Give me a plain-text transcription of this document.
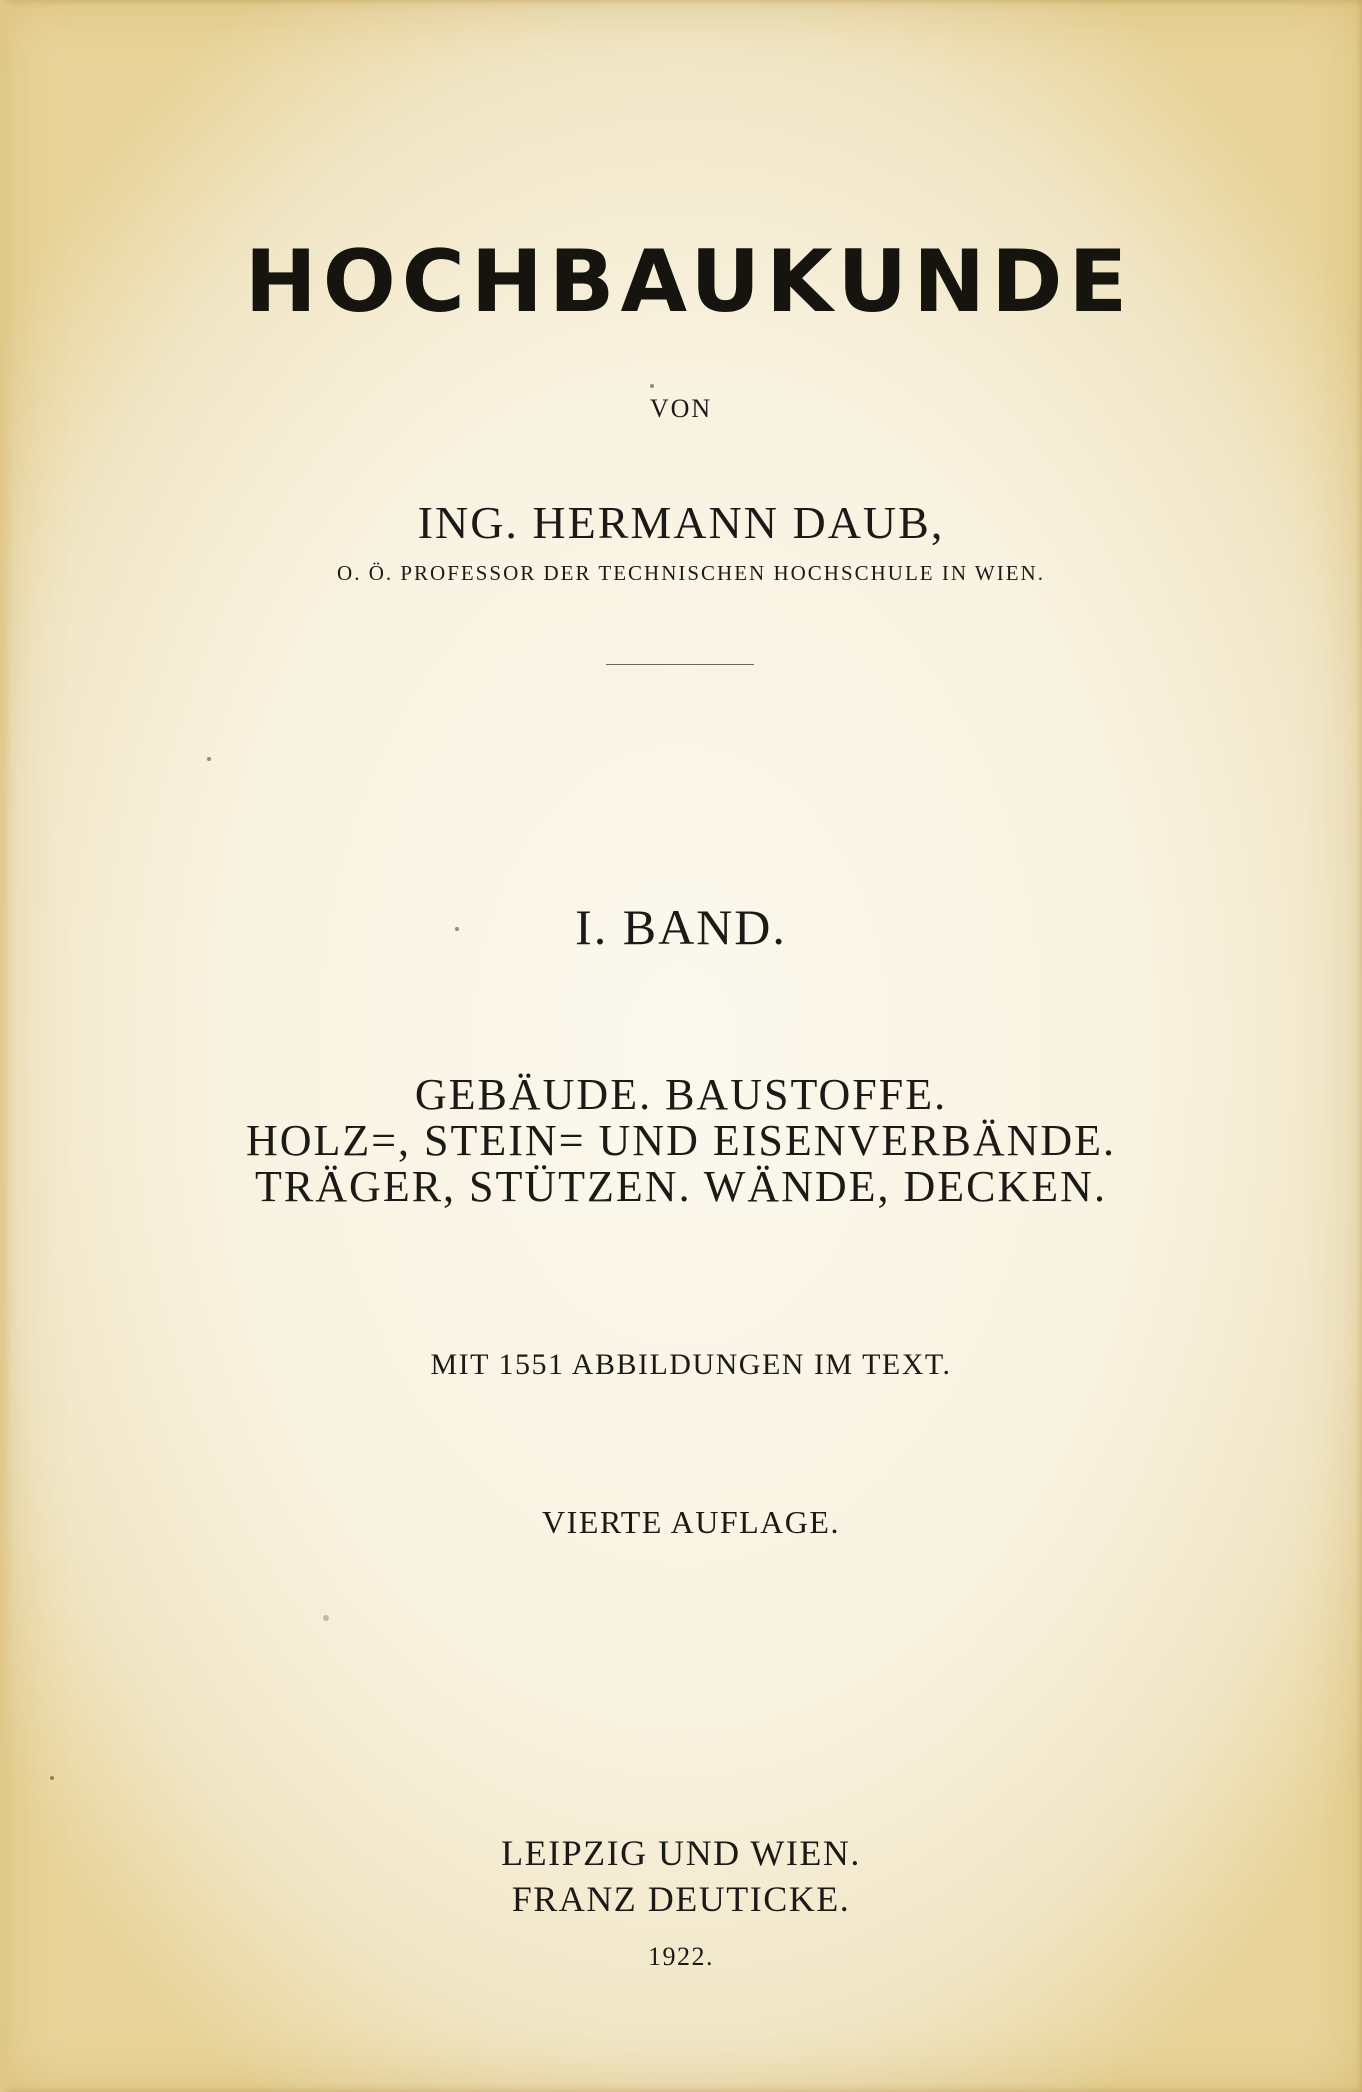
HOCHBAUKUNDE
VON
ING. HERMANN DAUB,
O. Ö. PROFESSOR DER TECHNISCHEN HOCHSCHULE IN WIEN.
I. BAND.
GEBÄUDE. BAUSTOFFE.
HOLZ=, STEIN= UND EISENVERBÄNDE.
TRÄGER, STÜTZEN. WÄNDE, DECKEN.
MIT 1551 ABBILDUNGEN IM TEXT.
VIERTE AUFLAGE.
LEIPZIG UND WIEN.
FRANZ DEUTICKE.
1922.
